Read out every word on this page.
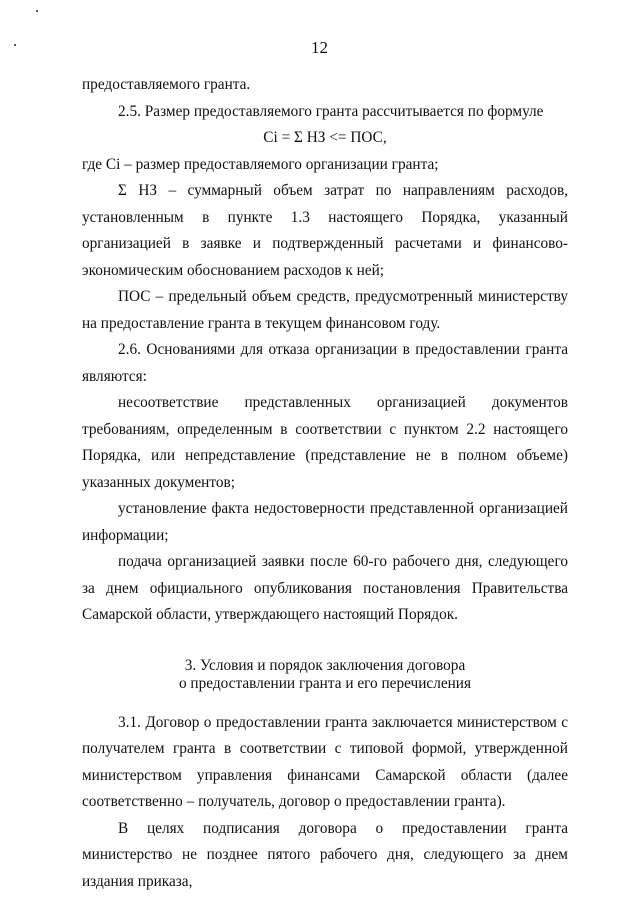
12

предоставляемого гранта.

2.5. Размер предоставляемого гранта рассчитывается по формуле

Ci = Σ НЗ <= ПОС,

где Ci – размер предоставляемого организации гранта;

Σ НЗ – суммарный объем затрат по направлениям расходов, установленным в пункте 1.3 настоящего Порядка, указанный организацией в заявке и подтвержденный расчетами и финансово-экономическим обоснованием расходов к ней;

ПОС – предельный объем средств, предусмотренный министерству на предоставление гранта в текущем финансовом году.

2.6. Основаниями для отказа организации в предоставлении гранта являются:

несоответствие представленных организацией документов требованиям, определенным в соответствии с пунктом 2.2 настоящего Порядка, или непредставление (представление не в полном объеме) указанных документов;

установление факта недостоверности представленной организацией информации;

подача организацией заявки после 60-го рабочего дня, следующего за днем официального опубликования постановления Правительства Самарской области, утверждающего настоящий Порядок.

3. Условия и порядок заключения договора
о предоставлении гранта и его перечисления

3.1. Договор о предоставлении гранта заключается министерством с получателем гранта в соответствии с типовой формой, утвержденной министерством управления финансами Самарской области (далее соответственно – получатель, договор о предоставлении гранта).

В целях подписания договора о предоставлении гранта министерство не позднее пятого рабочего дня, следующего за днем издания приказа,
